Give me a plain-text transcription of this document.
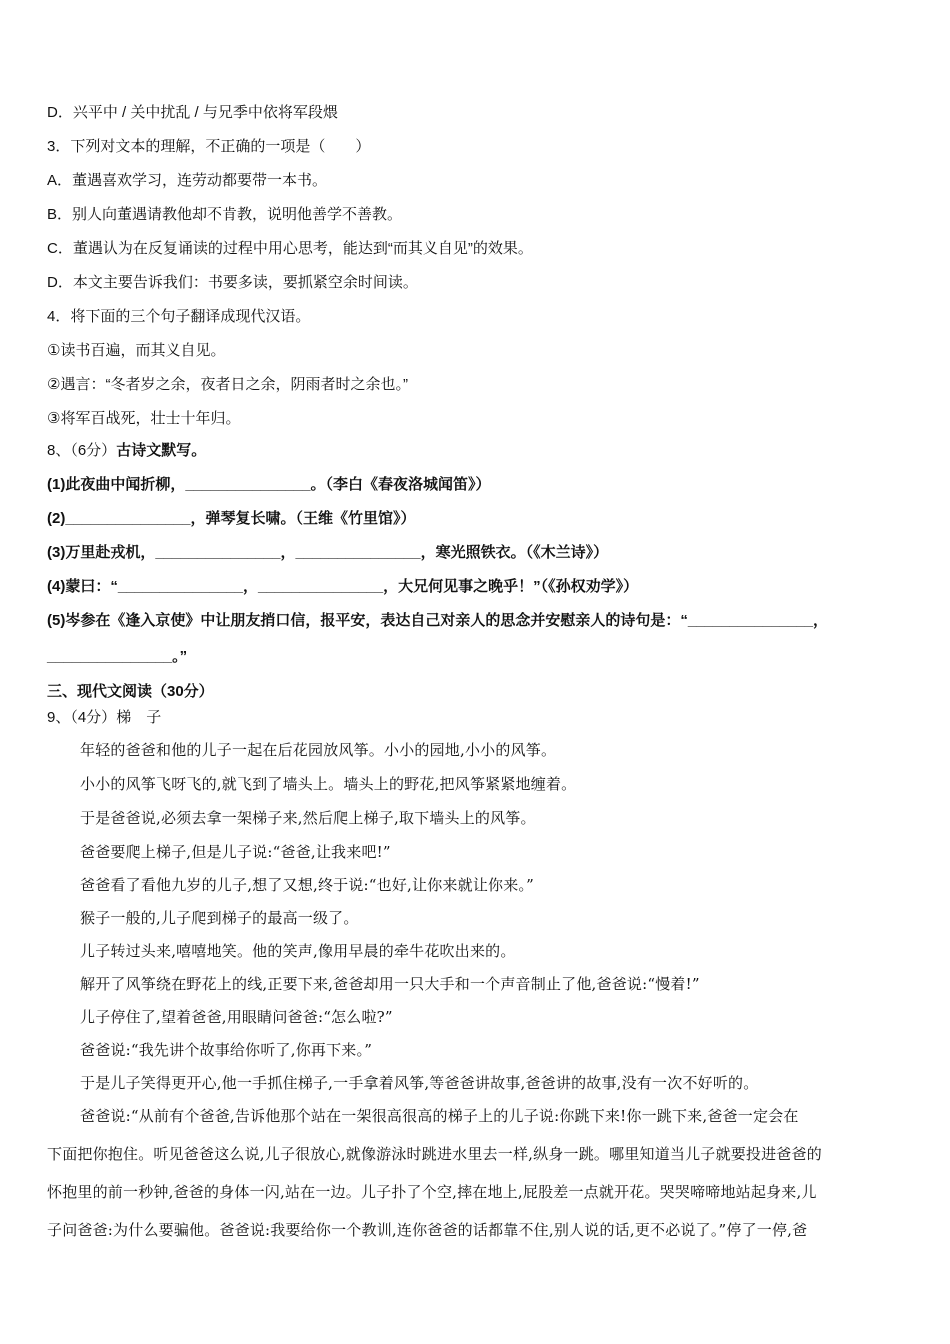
D．兴平中 / 关中扰乱 / 与兄季中依将军段煨
3．下列对文本的理解，不正确的一项是（　　）
A．董遇喜欢学习，连劳动都要带一本书。
B．别人向董遇请教他却不肯教，说明他善学不善教。
C．董遇认为在反复诵读的过程中用心思考，能达到“而其义自见”的效果。
D．本文主要告诉我们：书要多读，要抓紧空余时间读。
4．将下面的三个句子翻译成现代汉语。
①读书百遍，而其义自见。
②遇言：“冬者岁之余，夜者日之余，阴雨者时之余也。”
③将军百战死，壮士十年归。
8、（6分）古诗文默写。
(1)此夜曲中闻折柳，_______________。（李白《春夜洛城闻笛》）
(2)_______________，弹琴复长啸。（王维《竹里馆》）
(3)万里赴戎机，_______________，_______________，寒光照铁衣。（《木兰诗》）
(4)蒙曰：“_______________，_______________，大兄何见事之晚乎！”（《孙权劝学》）
(5)岑参在《逢入京使》中让朋友捎口信，报平安，表达自己对亲人的思念并安慰亲人的诗句是：“_______________，
_______________。”
三、现代文阅读（30分）
9、（4分）梯　子
年轻的爸爸和他的儿子一起在后花园放风筝。小小的园地,小小的风筝。
小小的风筝飞呀飞的,就飞到了墙头上。墙头上的野花,把风筝紧紧地缠着。
于是爸爸说,必须去拿一架梯子来,然后爬上梯子,取下墙头上的风筝。
爸爸要爬上梯子,但是儿子说:“爸爸,让我来吧!”
爸爸看了看他九岁的儿子,想了又想,终于说:“也好,让你来就让你来。”
猴子一般的,儿子爬到梯子的最高一级了。
儿子转过头来,嘻嘻地笑。他的笑声,像用早晨的牵牛花吹出来的。
解开了风筝绕在野花上的线,正要下来,爸爸却用一只大手和一个声音制止了他,爸爸说:“慢着!”
儿子停住了,望着爸爸,用眼睛问爸爸:“怎么啦?”
爸爸说:“我先讲个故事给你听了,你再下来。”
于是儿子笑得更开心,他一手抓住梯子,一手拿着风筝,等爸爸讲故事,爸爸讲的故事,没有一次不好听的。
爸爸说:“从前有个爸爸,告诉他那个站在一架很高很高的梯子上的儿子说:你跳下来!你一跳下来,爸爸一定会在
下面把你抱住。听见爸爸这么说,儿子很放心,就像游泳时跳进水里去一样,纵身一跳。哪里知道当儿子就要投进爸爸的
怀抱里的前一秒钟,爸爸的身体一闪,站在一边。儿子扑了个空,摔在地上,屁股差一点就开花。哭哭啼啼地站起身来,儿
子问爸爸:为什么要骗他。爸爸说:我要给你一个教训,连你爸爸的话都靠不住,别人说的话,更不必说了。”停了一停,爸
